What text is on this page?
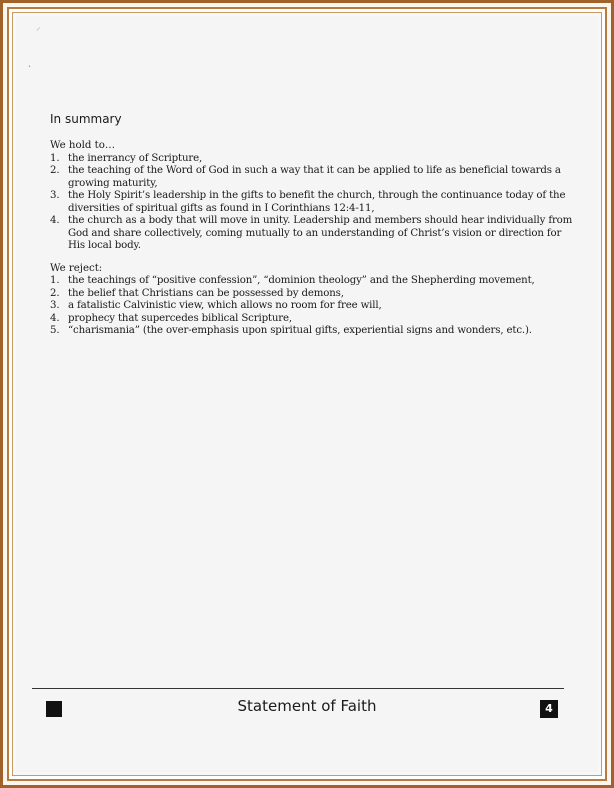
⸝
•
In summary

We hold to…

1. the inerrancy of Scripture,
2. the teaching of the Word of God in such a way that it can be applied to life as beneficial towards a growing maturity,
3. the Holy Spirit’s leadership in the gifts to benefit the church, through the continuance today of the diversities of spiritual gifts as found in I Corinthians 12:4-11,
4. the church as a body that will move in unity. Leadership and members should hear individually from God and share collectively, coming mutually to an understanding of Christ’s vision or direction for His local body.

We reject:

1. the teachings of “positive confession”, “dominion theology” and the Shepherding movement,
2. the belief that Christians can be possessed by demons,
3. a fatalistic Calvinistic view, which allows no room for free will,
4. prophecy that supercedes biblical Scripture,
5. “charismania” (the over-emphasis upon spiritual gifts, experiential signs and wonders, etc.).
Statement of Faith	4
